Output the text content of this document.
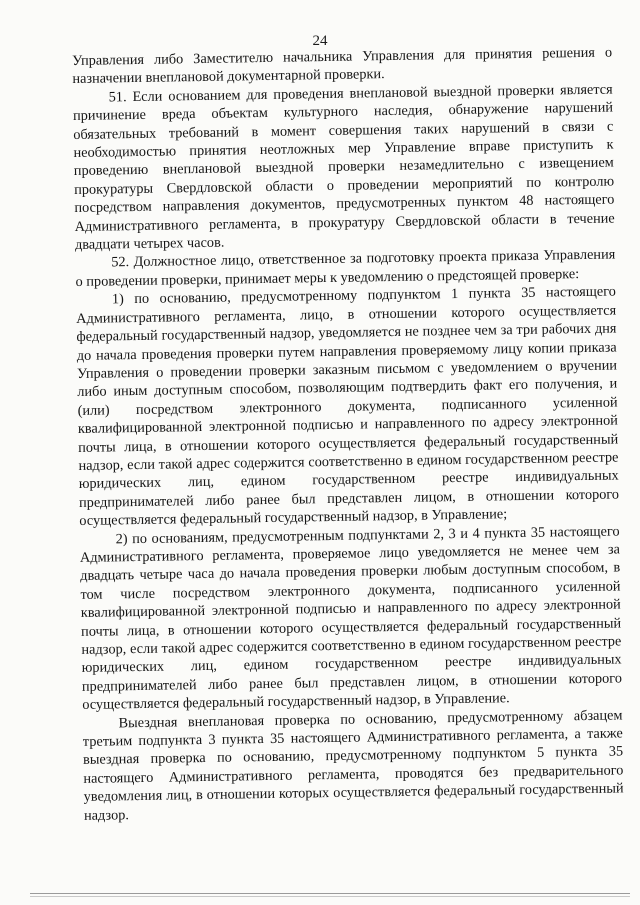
24

Управления либо Заместителю начальника Управления для принятия решения о назначении внеплановой документарной проверки.

51. Если основанием для проведения внеплановой выездной проверки является причинение вреда объектам культурного наследия, обнаружение нарушений обязательных требований в момент совершения таких нарушений в связи с необходимостью принятия неотложных мер Управление вправе приступить к проведению внеплановой выездной проверки незамедлительно с извещением прокуратуры Свердловской области о проведении мероприятий по контролю посредством направления документов, предусмотренных пунктом 48 настоящего Административного регламента, в прокуратуру Свердловской области в течение двадцати четырех часов.

52. Должностное лицо, ответственное за подготовку проекта приказа Управления о проведении проверки, принимает меры к уведомлению о предстоящей проверке:

1) по основанию, предусмотренному подпунктом 1 пункта 35 настоящего Административного регламента, лицо, в отношении которого осуществляется федеральный государственный надзор, уведомляется не позднее чем за три рабочих дня до начала проведения проверки путем направления проверяемому лицу копии приказа Управления о проведении проверки заказным письмом с уведомлением о вручении либо иным доступным способом, позволяющим подтвердить факт его получения, и (или) посредством электронного документа, подписанного усиленной квалифицированной электронной подписью и направленного по адресу электронной почты лица, в отношении которого осуществляется федеральный государственный надзор, если такой адрес содержится соответственно в едином государственном реестре юридических лиц, едином государственном реестре индивидуальных предпринимателей либо ранее был представлен лицом, в отношении которого осуществляется федеральный государственный надзор, в Управление;

2) по основаниям, предусмотренным подпунктами 2, 3 и 4 пункта 35 настоящего Административного регламента, проверяемое лицо уведомляется не менее чем за двадцать четыре часа до начала проведения проверки любым доступным способом, в том числе посредством электронного документа, подписанного усиленной квалифицированной электронной подписью и направленного по адресу электронной почты лица, в отношении которого осуществляется федеральный государственный надзор, если такой адрес содержится соответственно в едином государственном реестре юридических лиц, едином государственном реестре индивидуальных предпринимателей либо ранее был представлен лицом, в отношении которого осуществляется федеральный государственный надзор, в Управление.

Выездная внеплановая проверка по основанию, предусмотренному абзацем третьим подпункта 3 пункта 35 настоящего Административного регламента, а также выездная проверка по основанию, предусмотренному подпунктом 5 пункта 35 настоящего Административного регламента, проводятся без предварительного уведомления лиц, в отношении которых осуществляется федеральный государственный надзор.
